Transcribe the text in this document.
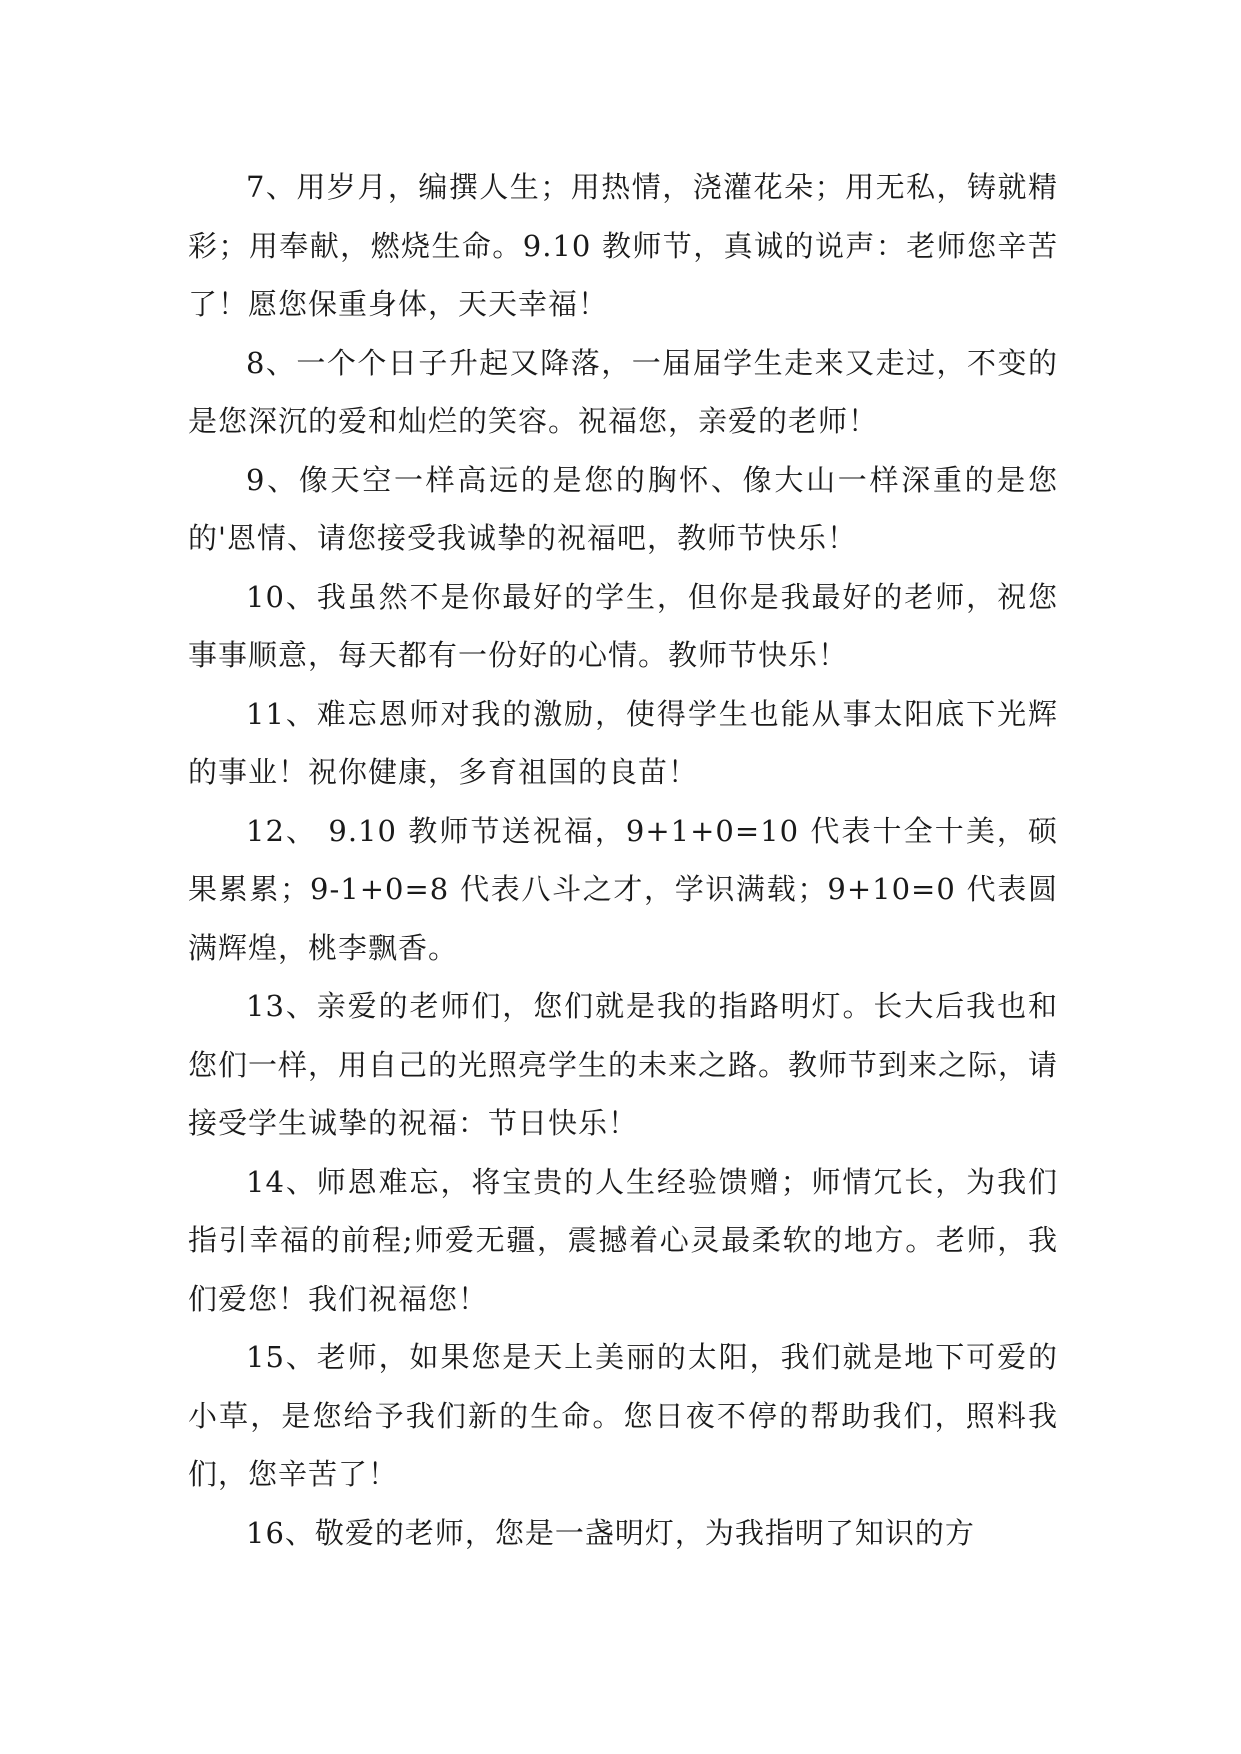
7、用岁月，编撰人生；用热情，浇灌花朵；用无私，铸就精彩；用奉献，燃烧生命。9.10 教师节，真诚的说声：老师您辛苦了！愿您保重身体，天天幸福！

8、一个个日子升起又降落，一届届学生走来又走过，不变的是您深沉的爱和灿烂的笑容。祝福您，亲爱的老师！

9、像天空一样高远的是您的胸怀、像大山一样深重的是您的'恩情、请您接受我诚挚的祝福吧，教师节快乐！

10、我虽然不是你最好的学生，但你是我最好的老师，祝您事事顺意，每天都有一份好的心情。教师节快乐！

11、难忘恩师对我的激励，使得学生也能从事太阳底下光辉的事业！祝你健康，多育祖国的良苗！

12、 9.10 教师节送祝福，9+1+0=10 代表十全十美，硕果累累；9-1+0=8 代表八斗之才，学识满载；9+10=0 代表圆满辉煌，桃李飘香。

13、亲爱的老师们，您们就是我的指路明灯。长大后我也和您们一样，用自己的光照亮学生的未来之路。教师节到来之际，请接受学生诚挚的祝福：节日快乐！

14、师恩难忘，将宝贵的人生经验馈赠；师情冗长，为我们指引幸福的前程;师爱无疆，震撼着心灵最柔软的地方。老师，我们爱您！我们祝福您！

15、老师，如果您是天上美丽的太阳，我们就是地下可爱的小草，是您给予我们新的生命。您日夜不停的帮助我们，照料我们，您辛苦了！

16、敬爱的老师，您是一盏明灯，为我指明了知识的方
